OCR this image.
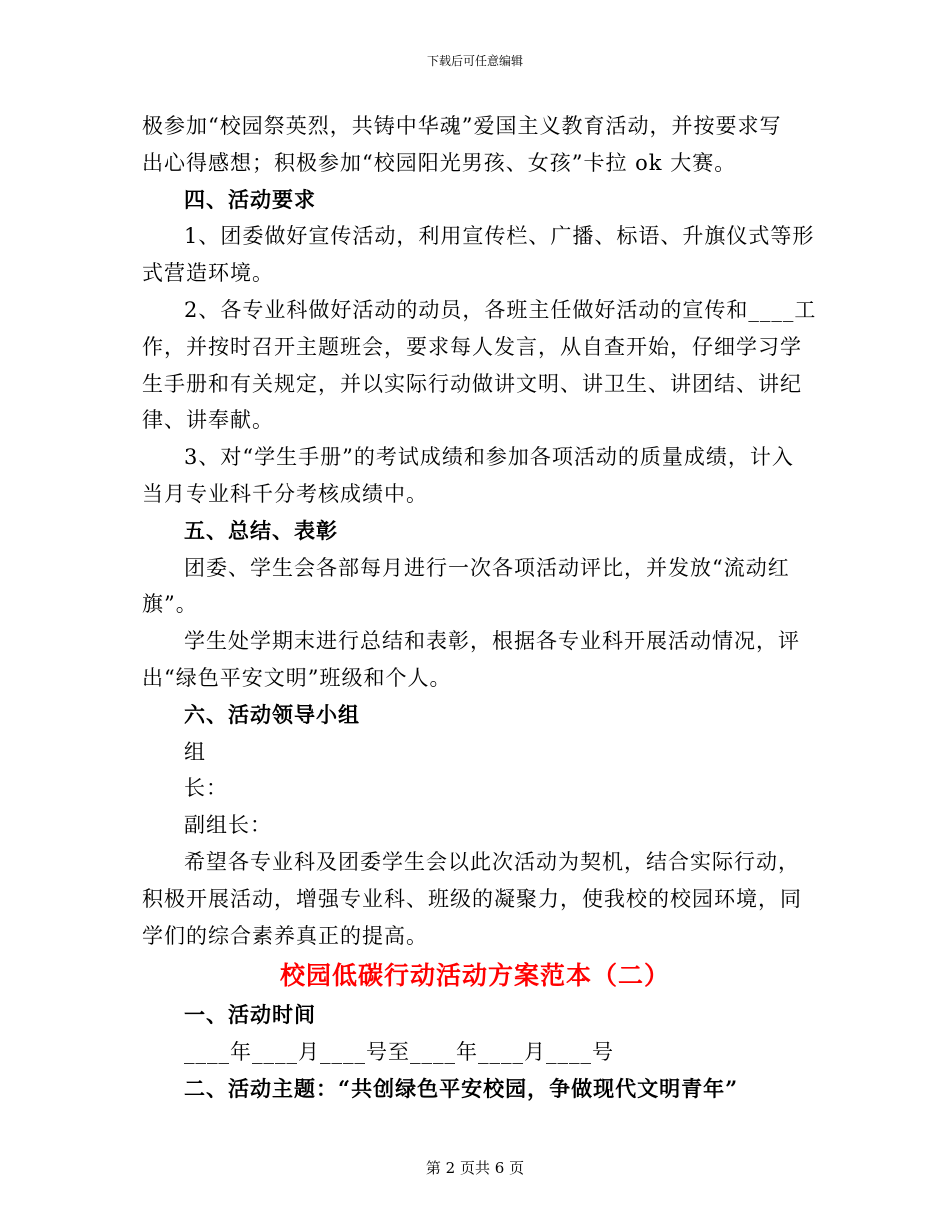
下载后可任意编辑
极参加“校园祭英烈，共铸中华魂”爱国主义教育活动，并按要求写
出心得感想；积极参加“校园阳光男孩、女孩”卡拉 ok 大赛。
四、活动要求
1、团委做好宣传活动，利用宣传栏、广播、标语、升旗仪式等形
式营造环境。
2、各专业科做好活动的动员，各班主任做好活动的宣传和____工
作，并按时召开主题班会，要求每人发言，从自查开始，仔细学习学
生手册和有关规定，并以实际行动做讲文明、讲卫生、讲团结、讲纪
律、讲奉献。
3、对“学生手册”的考试成绩和参加各项活动的质量成绩，计入
当月专业科千分考核成绩中。
五、总结、表彰
团委、学生会各部每月进行一次各项活动评比，并发放“流动红
旗”。
学生处学期末进行总结和表彰，根据各专业科开展活动情况，评
出“绿色平安文明”班级和个人。
六、活动领导小组
组
长：
副组长：
希望各专业科及团委学生会以此次活动为契机，结合实际行动，
积极开展活动，增强专业科、班级的凝聚力，使我校的校园环境，同
学们的综合素养真正的提高。
校园低碳行动活动方案范本（二）
一、活动时间
____年____月____号至____年____月____号
二、活动主题：“共创绿色平安校园，争做现代文明青年”
第 2 页共 6 页
